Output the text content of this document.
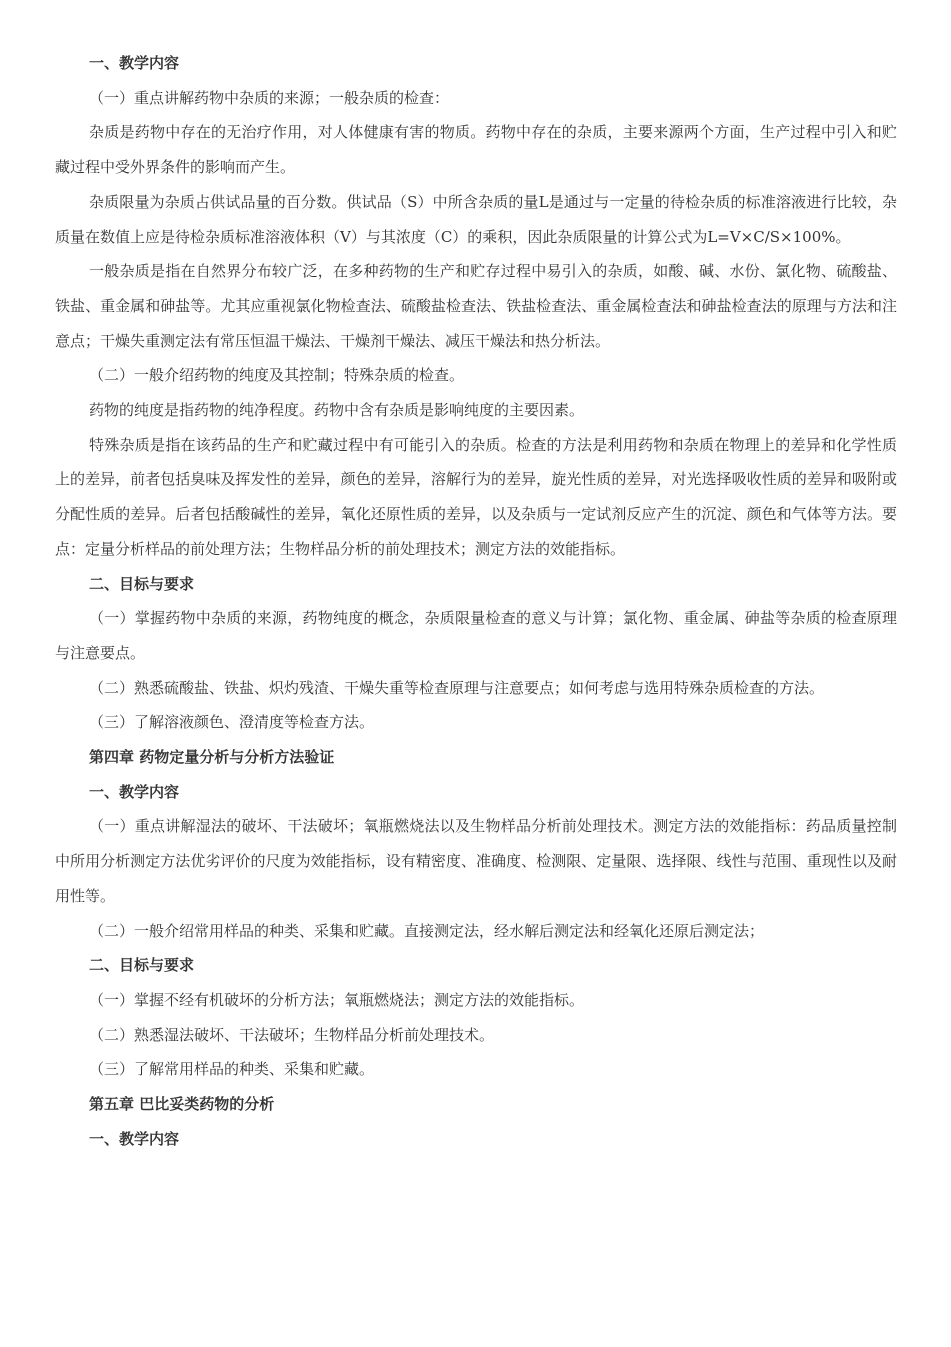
一、教学内容

（一）重点讲解药物中杂质的来源；一般杂质的检查：

杂质是药物中存在的无治疗作用，对人体健康有害的物质。药物中存在的杂质，主要来源两个方面，生产过程中引入和贮藏过程中受外界条件的影响而产生。

杂质限量为杂质占供试品量的百分数。供试品（S）中所含杂质的量L是通过与一定量的待检杂质的标准溶液进行比较，杂质量在数值上应是待检杂质标准溶液体积（V）与其浓度（C）的乘积，因此杂质限量的计算公式为L=V×C/S×100%。

一般杂质是指在自然界分布较广泛，在多种药物的生产和贮存过程中易引入的杂质，如酸、碱、水份、氯化物、硫酸盐、铁盐、重金属和砷盐等。尤其应重视氯化物检查法、硫酸盐检查法、铁盐检查法、重金属检查法和砷盐检查法的原理与方法和注意点；干燥失重测定法有常压恒温干燥法、干燥剂干燥法、减压干燥法和热分析法。

（二）一般介绍药物的纯度及其控制；特殊杂质的检查。

药物的纯度是指药物的纯净程度。药物中含有杂质是影响纯度的主要因素。

特殊杂质是指在该药品的生产和贮藏过程中有可能引入的杂质。检查的方法是利用药物和杂质在物理上的差异和化学性质上的差异，前者包括臭味及挥发性的差异，颜色的差异，溶解行为的差异，旋光性质的差异，对光选择吸收性质的差异和吸附或分配性质的差异。后者包括酸碱性的差异，氧化还原性质的差异，以及杂质与一定试剂反应产生的沉淀、颜色和气体等方法。要点：定量分析样品的前处理方法；生物样品分析的前处理技术；测定方法的效能指标。

二、目标与要求

（一）掌握药物中杂质的来源，药物纯度的概念，杂质限量检查的意义与计算；氯化物、重金属、砷盐等杂质的检查原理与注意要点。

（二）熟悉硫酸盐、铁盐、炽灼残渣、干燥失重等检查原理与注意要点；如何考虑与选用特殊杂质检查的方法。

（三）了解溶液颜色、澄清度等检查方法。

第四章 药物定量分析与分析方法验证

一、教学内容

（一）重点讲解湿法的破坏、干法破坏；氧瓶燃烧法以及生物样品分析前处理技术。测定方法的效能指标：药品质量控制中所用分析测定方法优劣评价的尺度为效能指标，设有精密度、准确度、检测限、定量限、选择限、线性与范围、重现性以及耐用性等。

（二）一般介绍常用样品的种类、采集和贮藏。直接测定法，经水解后测定法和经氧化还原后测定法；

二、目标与要求

（一）掌握不经有机破坏的分析方法；氧瓶燃烧法；测定方法的效能指标。

（二）熟悉湿法破坏、干法破坏；生物样品分析前处理技术。

（三）了解常用样品的种类、采集和贮藏。

第五章 巴比妥类药物的分析

一、教学内容
